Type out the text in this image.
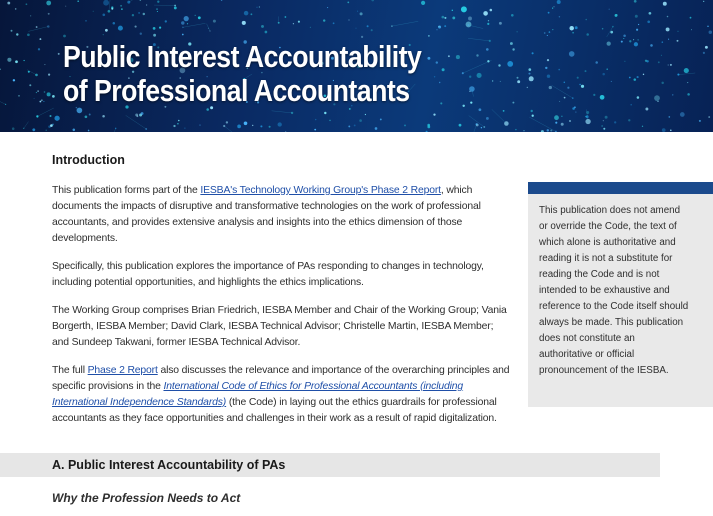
Public Interest Accountability
of Professional Accountants
Introduction

This publication forms part of the IESBA's Technology Working Group's Phase 2 Report, which documents the impacts of disruptive and transformative technologies on the work of professional accountants, and provides extensive analysis and insights into the ethics dimension of those developments.

Specifically, this publication explores the importance of PAs responding to changes in technology, including potential opportunities, and highlights the ethics implications.

The Working Group comprises Brian Friedrich, IESBA Member and Chair of the Working Group; Vania Borgerth, IESBA Member; David Clark, IESBA Technical Advisor; Christelle Martin, IESBA Member; and Sundeep Takwani, former IESBA Technical Advisor.

The full Phase 2 Report also discusses the relevance and importance of the overarching principles and specific provisions in the International Code of Ethics for Professional Accountants (including International Independence Standards) (the Code) in laying out the ethics guardrails for professional accountants as they face opportunities and challenges in their work as a result of rapid digitalization.

This publication does not amend or override the Code, the text of which alone is authoritative and reading it is not a substitute for reading the Code and is not intended to be exhaustive and reference to the Code itself should always be made. This publication does not constitute an authoritative or official pronouncement of the IESBA.

A. Public Interest Accountability of PAs
Why the Profession Needs to Act
